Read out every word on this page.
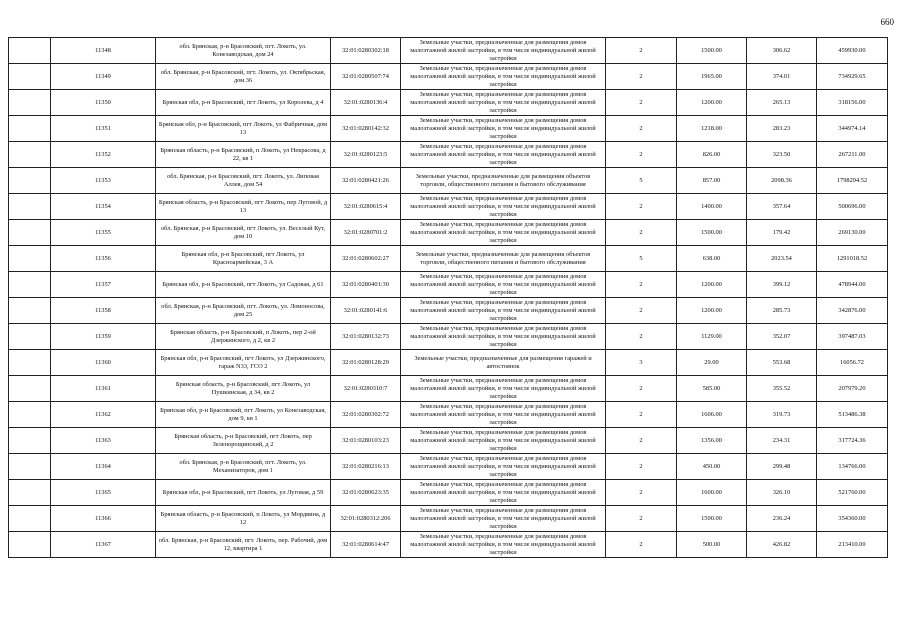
660
	11348	обл. Брянская, р-н Брасовский, пгт. Локоть, ул. Конезаводская, дом 24	32:01:0280302:18	Земельные участки, предназначенные для размещения домов малоэтажной жилой застройки, в том числе индивидуальной жилой застройки	2	1500.00	306.62	459930.00
	11349	обл. Брянская, р-н Брасовский, пгт. Локоть, ул. Октябрьская, дом 36	32:01:0280507:74	Земельные участки, предназначенные для размещения домов малоэтажной жилой застройки, в том числе индивидуальной жилой застройки	2	1965.00	374.01	734929.65
	11350	Брянская обл, р-н Брасовский, пгт Локоть, ул Королева, д 4	32:01:0280136:4	Земельные участки, предназначенные для размещения домов малоэтажной жилой застройки, в том числе индивидуальной жилой застройки	2	1200.00	265.13	318156.00
	11351	Брянская обл, р-н Брасовский, пгт Локоть, ул Фабричная, дом 13	32:01:0280142:32	Земельные участки, предназначенные для размещения домов малоэтажной жилой застройки, в том числе индивидуальной жилой застройки	2	1218.00	283.23	344974.14
	11352	Брянская область, р-н Брасовский, п Локоть, ул Некрасова, д 22, кв 1	32:01:0280123:5	Земельные участки, предназначенные для размещения домов малоэтажной жилой застройки, в том числе индивидуальной жилой застройки	2	826.00	323.50	267211.00
	11353	обл. Брянская, р-н Брасовский, пгт. Локоть, ул. Липовая Аллея, дом 54	32:01:0280421:26	Земельные участки, предназначенные для размещения объектов торговли, общественного питания и бытового обслуживания	5	857.00	2098.36	1798294.52
	11354	Брянская область, р-н Брасовский, пгт Локоть, пер Луговой, д 13	32:01:0280615:4	Земельные участки, предназначенные для размещения домов малоэтажной жилой застройки, в том числе индивидуальной жилой застройки	2	1400.00	357.64	500696.00
	11355	обл. Брянская, р-н Брасовский, пгт Локоть, ул. Веселый Кут, дом 10	32:01:0280701:2	Земельные участки, предназначенные для размещения домов малоэтажной жилой застройки, в том числе индивидуальной жилой застройки	2	1500.00	179.42	269130.00
	11356	Брянская обл, р-н Брасовский, пгт Локоть, ул Красноармейская, 3 А	32:01:0280602:27	Земельные участки, предназначенные для размещения объектов торговли, общественного питания и бытового обслуживания	5	638.00	2023.54	1291018.52
	11357	Брянская обл, р-н Брасовский, пгт Локоть, ул Садовая, д 61	32:01:0280401:30	Земельные участки, предназначенные для размещения домов малоэтажной жилой застройки, в том числе индивидуальной жилой застройки	2	1200.00	399.12	478944.00
	11358	обл. Брянская, р-н Брасовский, пгт. Локоть, ул. Ломоносова, дом 25	32:01:0280141:6	Земельные участки, предназначенные для размещения домов малоэтажной жилой застройки, в том числе индивидуальной жилой застройки	2	1200.00	285.73	342876.00
	11359	Брянская область, р-н Брасовский, п Локоть, пер 2-ой Дзержинского, д 2, кв 2	32:01:0280132:73	Земельные участки, предназначенные для размещения домов малоэтажной жилой застройки, в том числе индивидуальной жилой застройки	2	1129.00	352.07	397487.03
	11360	Брянская обл, р-н Брасовский, пгт Локоть, ул Дзержинского, гараж N33, ГСО 2	32:01:0280128:29	Земельные участки, предназначенные для размещения гаражей и автостоянок	3	29.00	553.68	16056.72
	11361	Брянская область, р-н Брасовский, пгт Локоть, ул Пушкинская, д 34, кв 2	32:01:0280310:7	Земельные участки, предназначенные для размещения домов малоэтажной жилой застройки, в том числе индивидуальной жилой застройки	2	585.00	355.52	207979.20
	11362	Брянская обл, р-н Брасовский, пгт Локоть, ул Конезаводская, дом 9, кв 1	32:01:0280302:72	Земельные участки, предназначенные для размещения домов малоэтажной жилой застройки, в том числе индивидуальной жилой застройки	2	1606.00	319.73	513486.38
	11363	Брянская область, р-н Брасовский, пгт Локоть, пер Зеленорощинский, д 2	32:01:0280103:23	Земельные участки, предназначенные для размещения домов малоэтажной жилой застройки, в том числе индивидуальной жилой застройки	2	1356.00	234.31	317724.36
	11364	обл. Брянская, р-н Брасовский, пгт. Локоть, ул. Механизаторов, дом 1	32:01:0280216:13	Земельные участки, предназначенные для размещения домов малоэтажной жилой застройки, в том числе индивидуальной жилой застройки	2	450.00	299.48	134766.00
	11365	Брянская обл, р-н Брасовский, пгт Локоть, ул Луговая, д 59	32:01:0280623:35	Земельные участки, предназначенные для размещения домов малоэтажной жилой застройки, в том числе индивидуальной жилой застройки	2	1600.00	326.10	521760.00
	11366	Брянская область, р-н Брасовский, п Локоть, ул Мордвина, д 12	32:01:0280312:206	Земельные участки, предназначенные для размещения домов малоэтажной жилой застройки, в том числе индивидуальной жилой застройки	2	1500.00	236.24	354360.00
	11367	обл. Брянская, р-н Брасовский, пгт. Локоть, пер. Рабочий, дом 12, квартира 1	32:01:0280614:47	Земельные участки, предназначенные для размещения домов малоэтажной жилой застройки, в том числе индивидуальной жилой застройки	2	500.00	426.82	213410.00
